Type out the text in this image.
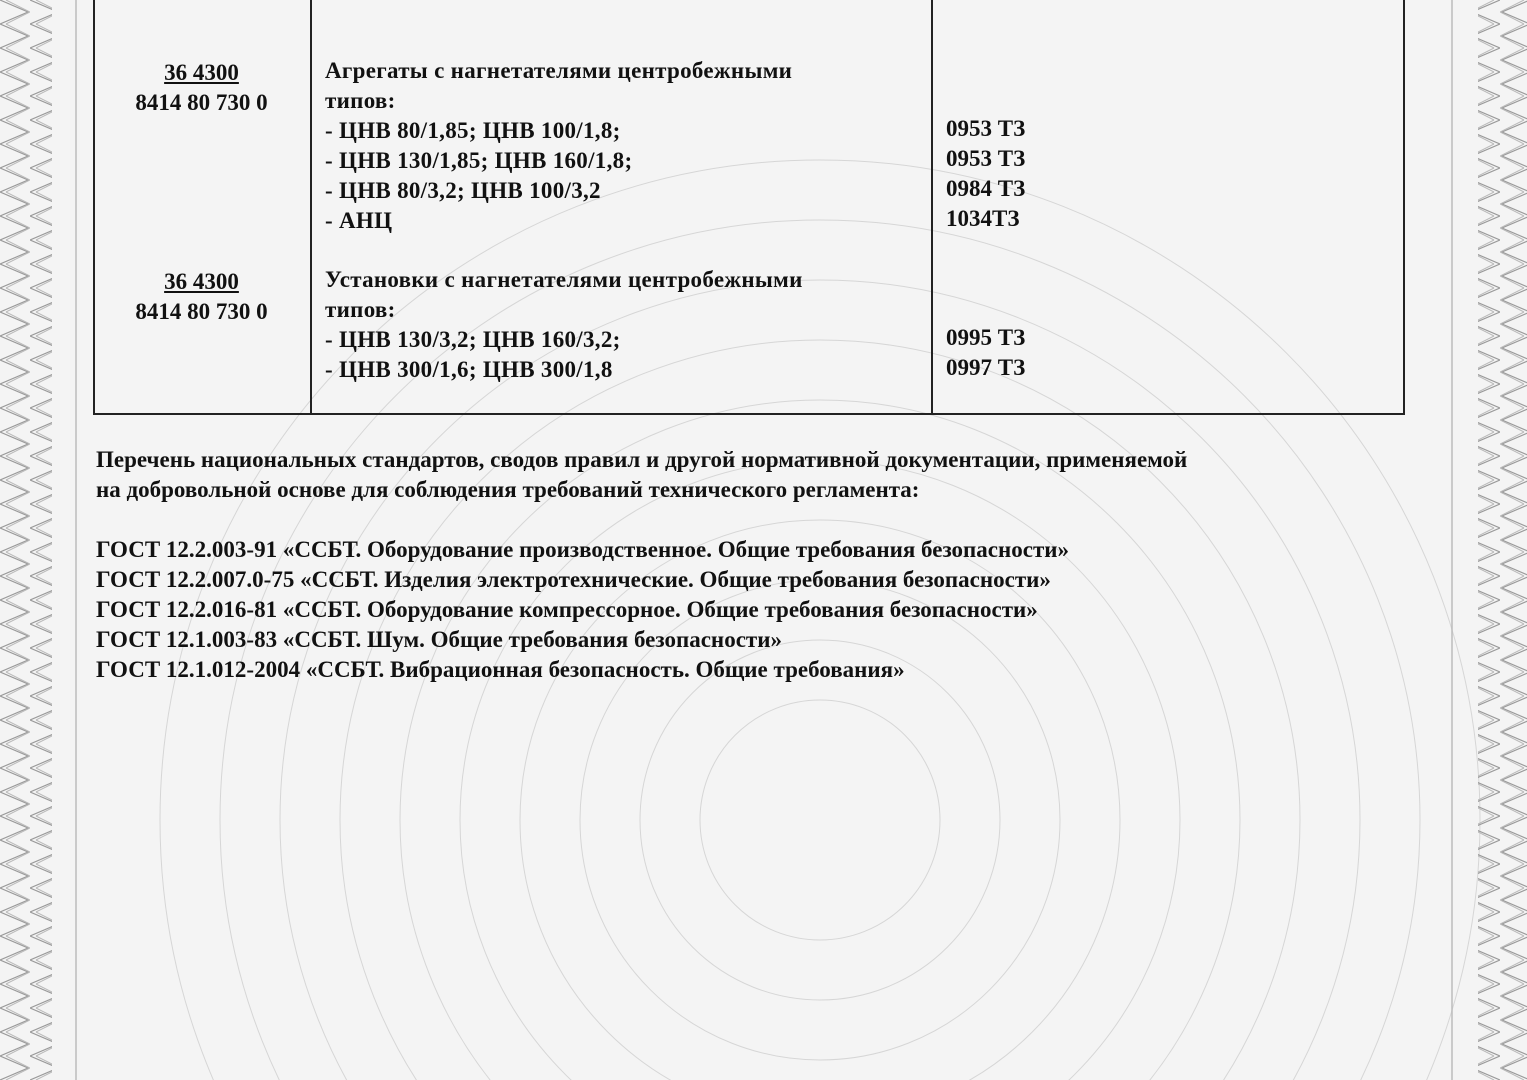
36 4300
8414 80 730 0
Агрегаты с нагнетателями центробежными
типов:
- ЦНВ 80/1,85; ЦНВ 100/1,8;
- ЦНВ 130/1,85; ЦНВ 160/1,8;
- ЦНВ 80/3,2; ЦНВ 100/3,2
- АНЦ
0953 ТЗ
0953 ТЗ
0984 ТЗ
1034ТЗ
36 4300
8414 80 730 0
Установки с нагнетателями центробежными
типов:
- ЦНВ 130/3,2; ЦНВ 160/3,2;
- ЦНВ 300/1,6; ЦНВ 300/1,8
0995 ТЗ
0997 ТЗ
Перечень национальных стандартов, сводов правил и другой нормативной документации, применяемой
на добровольной основе для соблюдения требований технического регламента:
ГОСТ 12.2.003-91 «ССБТ. Оборудование производственное. Общие требования безопасности»
ГОСТ 12.2.007.0-75 «ССБТ. Изделия электротехнические. Общие требования безопасности»
ГОСТ 12.2.016-81 «ССБТ. Оборудование компрессорное. Общие требования безопасности»
ГОСТ 12.1.003-83 «ССБТ. Шум. Общие требования безопасности»
ГОСТ 12.1.012-2004 «ССБТ. Вибрационная безопасность. Общие требования»
